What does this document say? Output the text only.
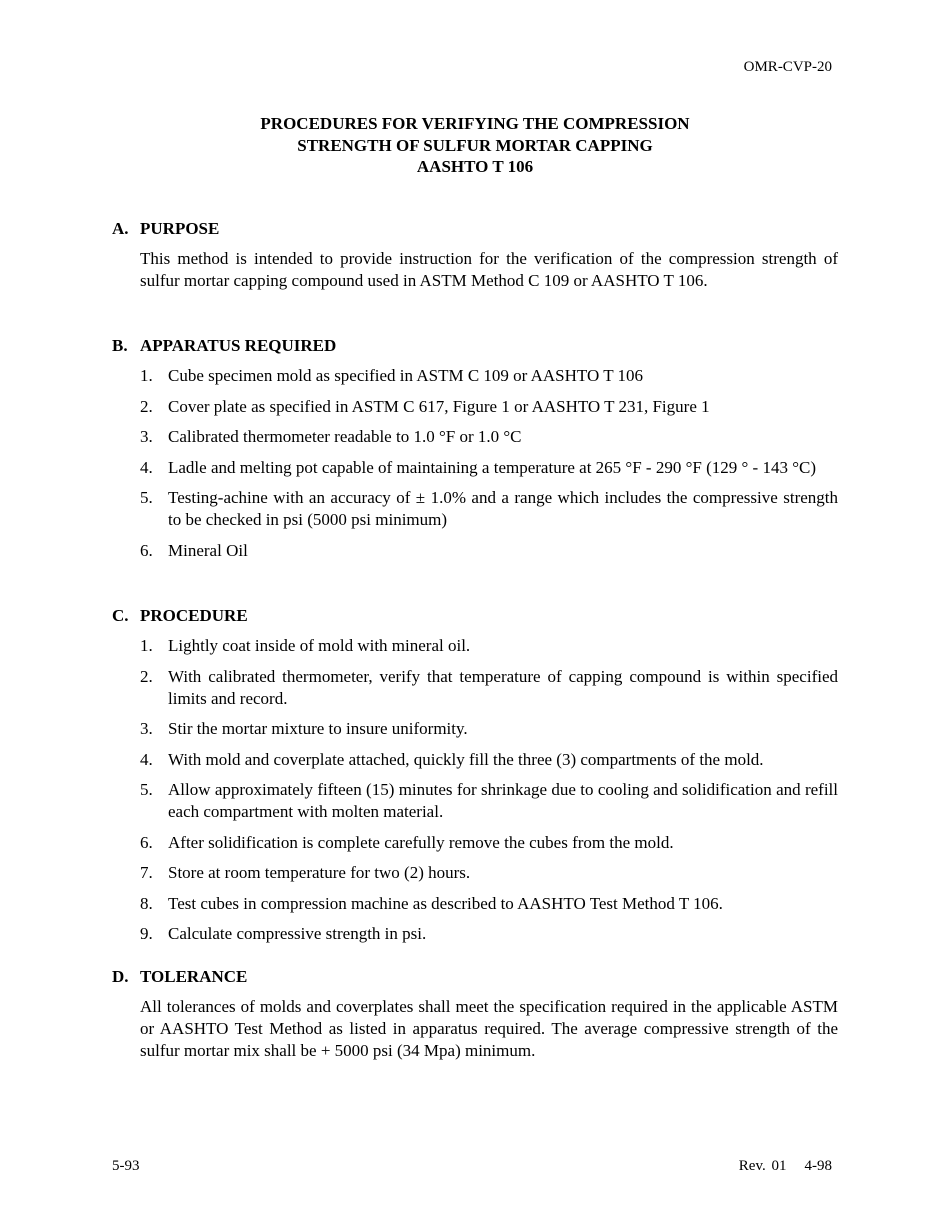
OMR-CVP-20
PROCEDURES FOR VERIFYING THE COMPRESSION
STRENGTH OF SULFUR MORTAR CAPPING
AASHTO T 106
A. PURPOSE
This method is intended to provide instruction for the verification of the compression strength of sulfur mortar capping compound used in ASTM Method C 109 or AASHTO T 106.
B. APPARATUS REQUIRED
1. Cube specimen mold as specified in ASTM C 109 or AASHTO T 106
2. Cover plate as specified in ASTM C 617, Figure 1 or AASHTO T 231, Figure 1
3. Calibrated thermometer readable to 1.0 °F or 1.0 °C
4. Ladle and melting pot capable of maintaining a temperature at 265 °F - 290 °F (129 ° - 143 °C)
5. Testing-achine with an accuracy of ± 1.0% and a range which includes the compressive strength to be checked in psi (5000 psi minimum)
6. Mineral Oil
C. PROCEDURE
1. Lightly coat inside of mold with mineral oil.
2. With calibrated thermometer, verify that temperature of capping compound is within specified limits and record.
3. Stir the mortar mixture to insure uniformity.
4. With mold and coverplate attached, quickly fill the three (3) compartments of the mold.
5. Allow approximately fifteen (15) minutes for shrinkage due to cooling and solidification and refill each compartment with molten material.
6. After solidification is complete carefully remove the cubes from the mold.
7. Store at room temperature for two (2) hours.
8. Test cubes in compression machine as described to AASHTO Test Method T 106.
9. Calculate compressive strength in psi.
D. TOLERANCE
All tolerances of molds and coverplates shall meet the specification required in the applicable ASTM or AASHTO Test Method as listed in apparatus required. The average compressive strength of the sulfur mortar mix shall be + 5000 psi (34 Mpa) minimum.
5-93	Rev. 01 4-98
